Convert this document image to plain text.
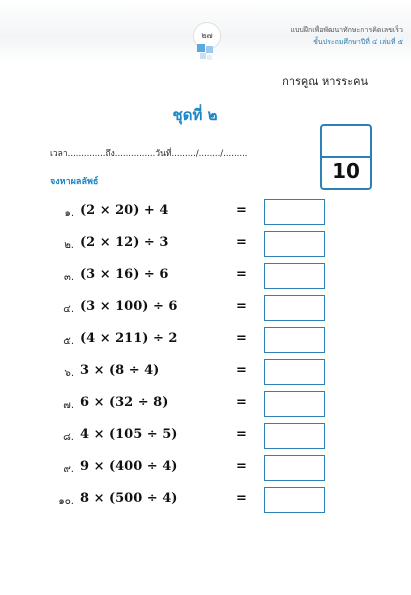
๒๗
แบบฝึกเพื่อพัฒนาทักษะการคิดเลขเร็ว
ชั้นประถมศึกษาปีที่ ๔ เล่มที่ ๕
การคูณ หารระคน
ชุดที่ ๒
10
เวลา..............ถึง...............วันที่........./......../.........
จงหาผลลัพธ์
๑. (2 × 20) + 4	=
๒. (2 × 12) ÷ 3	=
๓. (3 × 16) ÷ 6	=
๔. (3 × 100) ÷ 6	=
๕. (4 × 211) ÷ 2	=
๖. 3 × (8 ÷ 4)	=
๗. 6 × (32 ÷ 8)	=
๘. 4 × (105 ÷ 5)	=
๙. 9 × (400 ÷ 4)	=
๑๐. 8 × (500 ÷ 4)	=
